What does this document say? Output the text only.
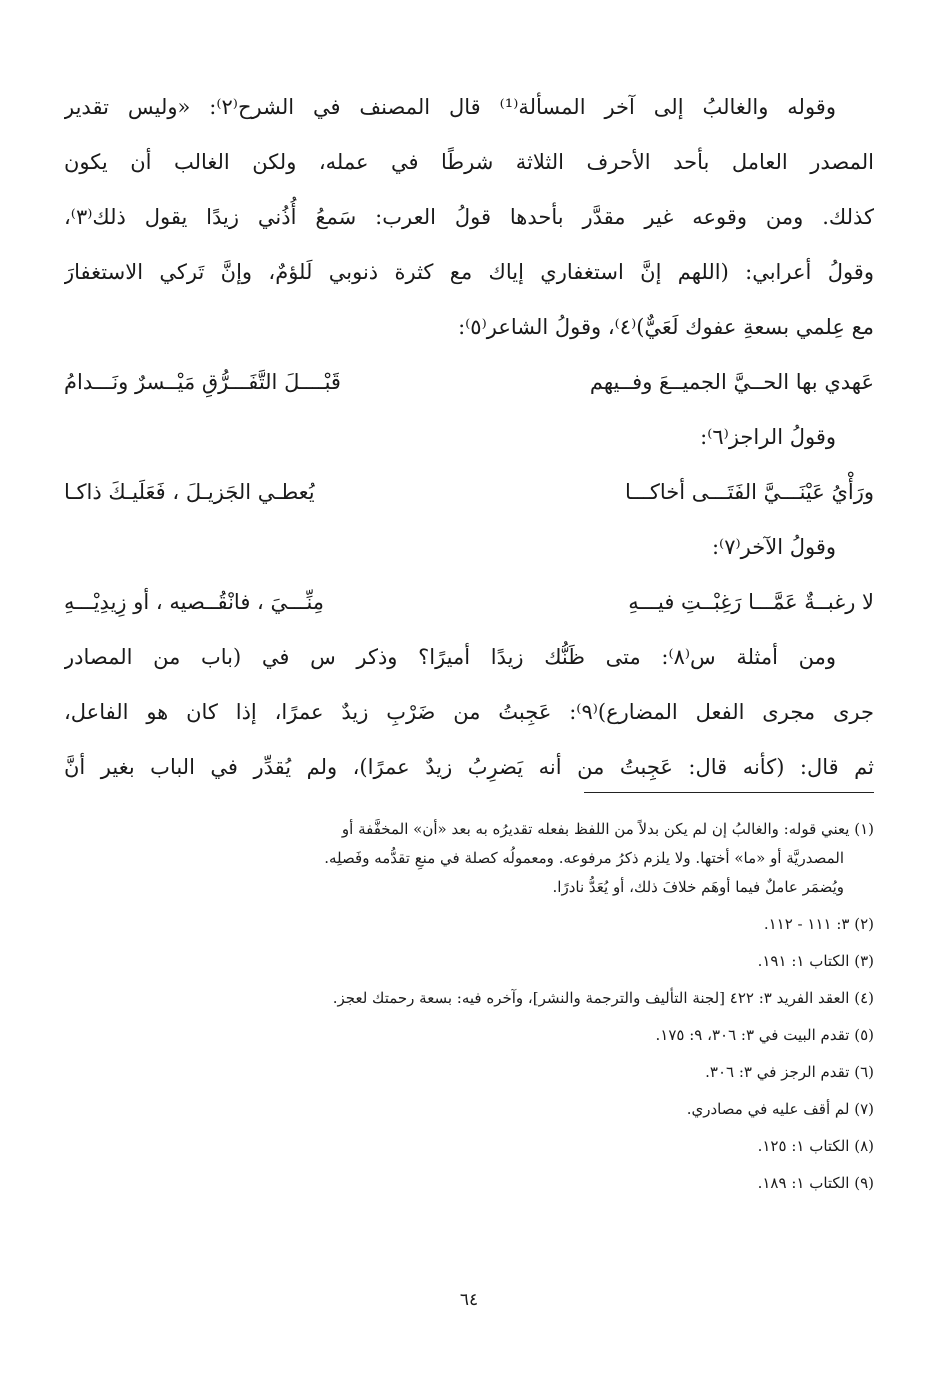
وقوله والغالبُ إلى آخر المسألة⁽¹⁾ قال المصنف في الشرح⁽٢⁾: «وليس تقدير
المصدر العامل بأحد الأحرف الثلاثة شرطًا في عمله، ولكن الغالب أن يكون
كذلك. ومن وقوعه غير مقدَّر بأحدها قولُ العرب: سَمعُ أُذُني زيدًا يقول ذلك⁽٣⁾،
وقولُ أعرابي: (اللهم إنَّ استغفاري إياك مع كثرة ذنوبي لَلؤمٌ، وإنَّ تَركي الاستغفارَ
مع عِلمي بسعةِ عفوك لَعَيٌّ)⁽٤⁾، وقولُ الشاعر⁽٥⁾:
عَهدي بها الحــيَّ الجميــعَ وفــيهم
قَبْــــلَ التَّفَـــرُّقِ مَيْــسرٌ ونَـــدامُ
وقولُ الراجز⁽٦⁾:
ورَأْيُ عَيْنَـــيَّ الفَتَـــى أخاكـــا
يُعطـي الجَزيـلَ ، فَعَلَيـكَ ذاكـا
وقولُ الآخر⁽٧⁾:
لا رغبــةٌ عَمَّـــا رَغِبْــتِ فيـــهِ
مِنِّـــيَ ، فانْقُــصيه ، أو زِيدِيْـــهِ
ومن أمثلة س⁽٨⁾: متى ظَنُّك زيدًا أميرًا؟ وذكر س في (باب من المصادر
جرى مجرى الفعل المضارع)⁽٩⁾: عَجِبتُ من ضَرْبِ زيدٌ عمرًا، إذا كان هو الفاعل،
ثم قال: (كأنه قال: عَجِبتُ من أنه يَضرِبُ زيدٌ عمرًا)، ولم يُقدِّر في الباب بغير أنَّ
(١) يعني قوله: والغالبُ إن لم يكن بدلاً من اللفظ بفعله تقديرُه به بعد «أن» المخفَّفة أو
المصدريَّة أو «ما» أختها. ولا يلزم ذكرُ مرفوعه. ومعمولُه كصلة في منعِ تقدُّمه وفَصلِه.
ويُضمَر عاملٌ فيما أوهَم خلافَ ذلك، أو يُعَدُّ نادرًا.
(٢) ٣: ١١١ - ١١٢.
(٣) الكتاب ١: ١٩١.
(٤) العقد الفريد ٣: ٤٢٢ [لجنة التأليف والترجمة والنشر]، وآخره فيه: بسعة رحمتك لعجز.
(٥) تقدم البيت في ٣: ٣٠٦، ٩: ١٧٥.
(٦) تقدم الرجز في ٣: ٣٠٦.
(٧) لم أقف عليه في مصادري.
(٨) الكتاب ١: ١٢٥.
(٩) الكتاب ١: ١٨٩.
٦٤
